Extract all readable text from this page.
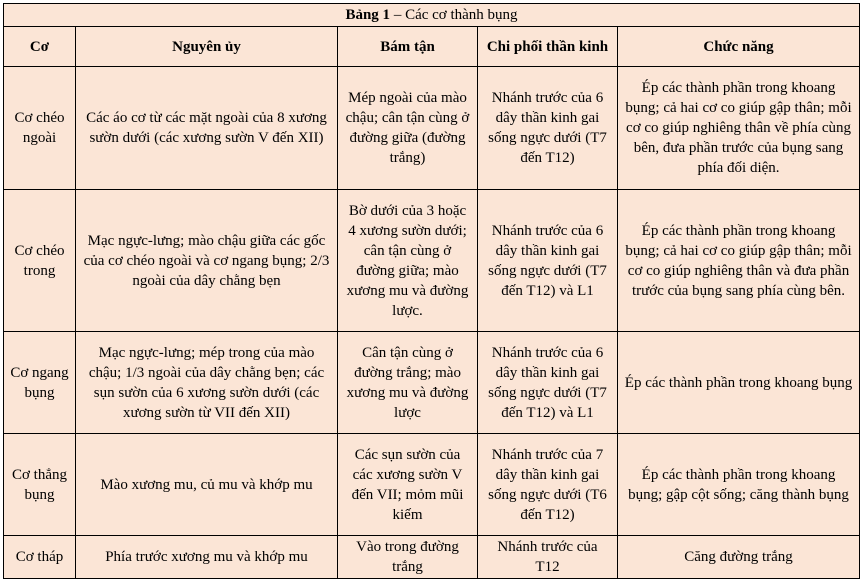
Bảng 1 – Các cơ thành bụng				
Cơ	Nguyên ủy	Bám tận	Chi phối thần kinh	Chức năng
Cơ chéo ngoài	Các áo cơ từ các mặt ngoài của 8 xương sườn dưới (các xương sườn V đến XII)	Mép ngoài của mào chậu; cân tận cùng ở đường giữa (đường trắng)	Nhánh trước của 6 dây thần kinh gai sống ngực dưới (T7 đến T12)	Ép các thành phần trong khoang bụng; cả hai cơ co giúp gập thân; mỗi cơ co giúp nghiêng thân về phía cùng bên, đưa phần trước của bụng sang phía đối diện.
Cơ chéo trong	Mạc ngực-lưng; mào chậu giữa các gốc của cơ chéo ngoài và cơ ngang bụng; 2/3 ngoài của dây chằng bẹn	Bờ dưới của 3 hoặc 4 xương sườn dưới; cân tận cùng ở đường giữa; mào xương mu và đường lược.	Nhánh trước của 6 dây thần kinh gai sống ngực dưới (T7 đến T12) và L1	Ép các thành phần trong khoang bụng; cả hai cơ co giúp gập thân; mỗi cơ co giúp nghiêng thân và đưa phần trước của bụng sang phía cùng bên.
Cơ ngang bụng	Mạc ngực-lưng; mép trong của mào chậu; 1/3 ngoài của dây chằng bẹn; các sụn sườn của 6 xương sườn dưới (các xương sườn từ VII đến XII)	Cân tận cùng ở đường trắng; mào xương mu và đường lược	Nhánh trước của 6 dây thần kinh gai sống ngực dưới (T7 đến T12) và L1	Ép các thành phần trong khoang bụng
Cơ thẳng bụng	Mào xương mu, củ mu và khớp mu	Các sụn sườn của các xương sườn V đến VII; mỏm mũi kiếm	Nhánh trước của 7 dây thần kinh gai sống ngực dưới (T6 đến T12)	Ép các thành phần trong khoang bụng; gập cột sống; căng thành bụng
Cơ tháp	Phía trước xương mu và khớp mu	Vào trong đường trắng	Nhánh trước của T12	Căng đường trắng
